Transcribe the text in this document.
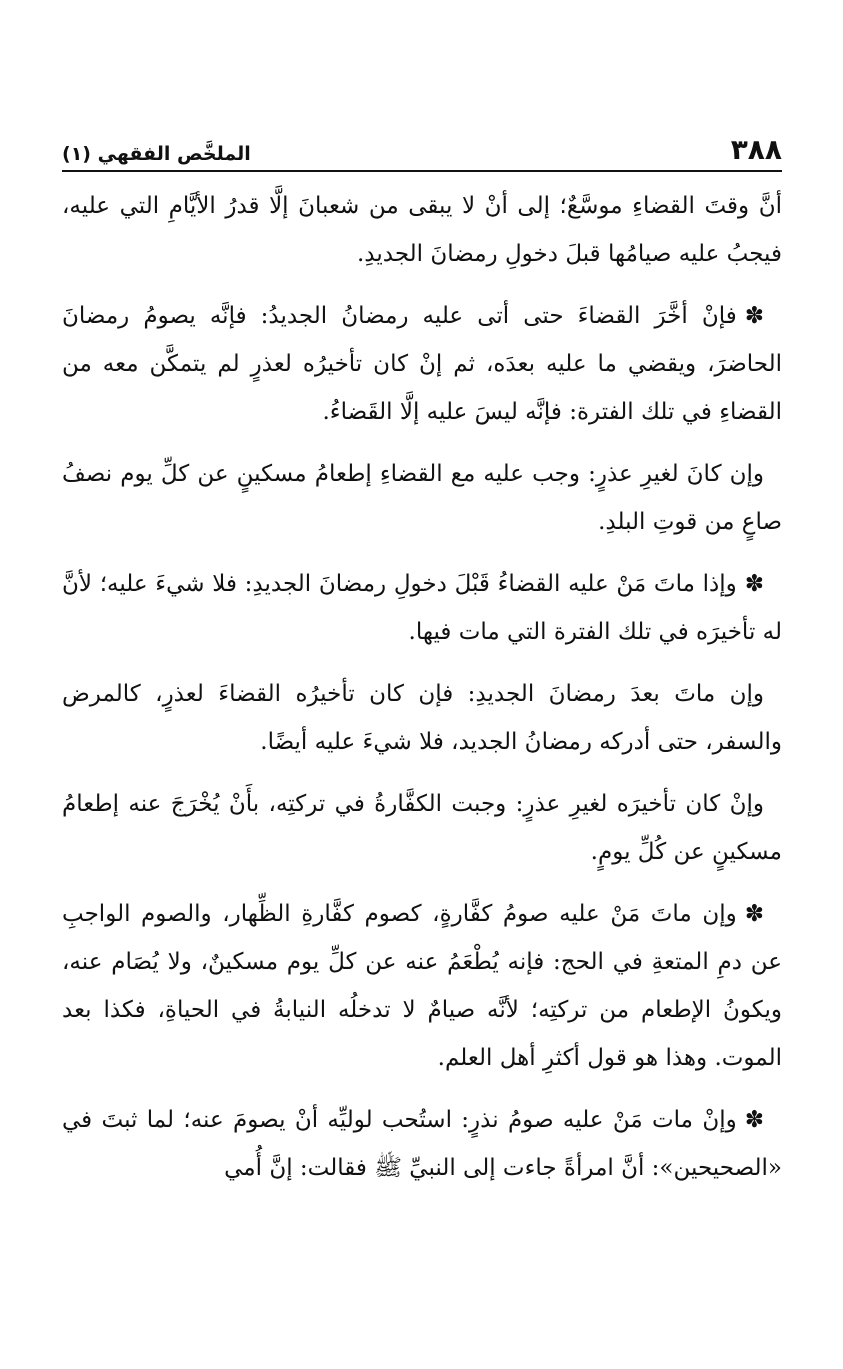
٣٨٨
الملخَّص الفقهي (١)

أنَّ وقتَ القضاءِ موسَّعٌ؛ إلى أنْ لا يبقى من شعبانَ إلَّا قدرُ الأيَّامِ التي عليه، فيجبُ عليه صيامُها قبلَ دخولِ رمضانَ الجديدِ.

✽فإنْ أخَّرَ القضاءَ حتى أتى عليه رمضانُ الجديدُ: فإنَّه يصومُ رمضانَ الحاضرَ، ويقضي ما عليه بعدَه، ثم إنْ كان تأخيرُه لعذرٍ لم يتمكَّن معه من القضاءِ في تلك الفترة: فإنَّه ليسَ عليه إلَّا القَضاءُ.

وإن كانَ لغيرِ عذرٍ: وجب عليه مع القضاءِ إطعامُ مسكينٍ عن كلِّ يوم نصفُ صاعٍ من قوتِ البلدِ.

✽وإذا ماتَ مَنْ عليه القضاءُ قَبْلَ دخولِ رمضانَ الجديدِ: فلا شيءَ عليه؛ لأنَّ له تأخيرَه في تلك الفترة التي مات فيها.

وإن ماتَ بعدَ رمضانَ الجديدِ: فإن كان تأخيرُه القضاءَ لعذرٍ، كالمرض والسفر، حتى أدركه رمضانُ الجديد، فلا شيءَ عليه أيضًا.

وإنْ كان تأخيرَه لغيرِ عذرٍ: وجبت الكفَّارةُ في تركتِه، بأَنْ يُخْرَجَ عنه إطعامُ مسكينٍ عن كُلِّ يومٍ.

✽وإن ماتَ مَنْ عليه صومُ كفَّارةٍ، كصوم كفَّارةِ الظِّهار، والصوم الواجبِ عن دمِ المتعةِ في الحج: فإنه يُطْعَمُ عنه عن كلِّ يوم مسكينٌ، ولا يُصَام عنه، ويكونُ الإطعام من تركتِه؛ لأنَّه صيامٌ لا تدخلُه النيابةُ في الحياةِ، فكذا بعد الموت. وهذا هو قول أكثرِ أهل العلم.

✽وإنْ مات مَنْ عليه صومُ نذرٍ: استُحب لوليِّه أنْ يصومَ عنه؛ لما ثبتَ في «الصحيحين»: أنَّ امرأةً جاءت إلى النبيِّ ﷺ فقالت: إنَّ أُمي
